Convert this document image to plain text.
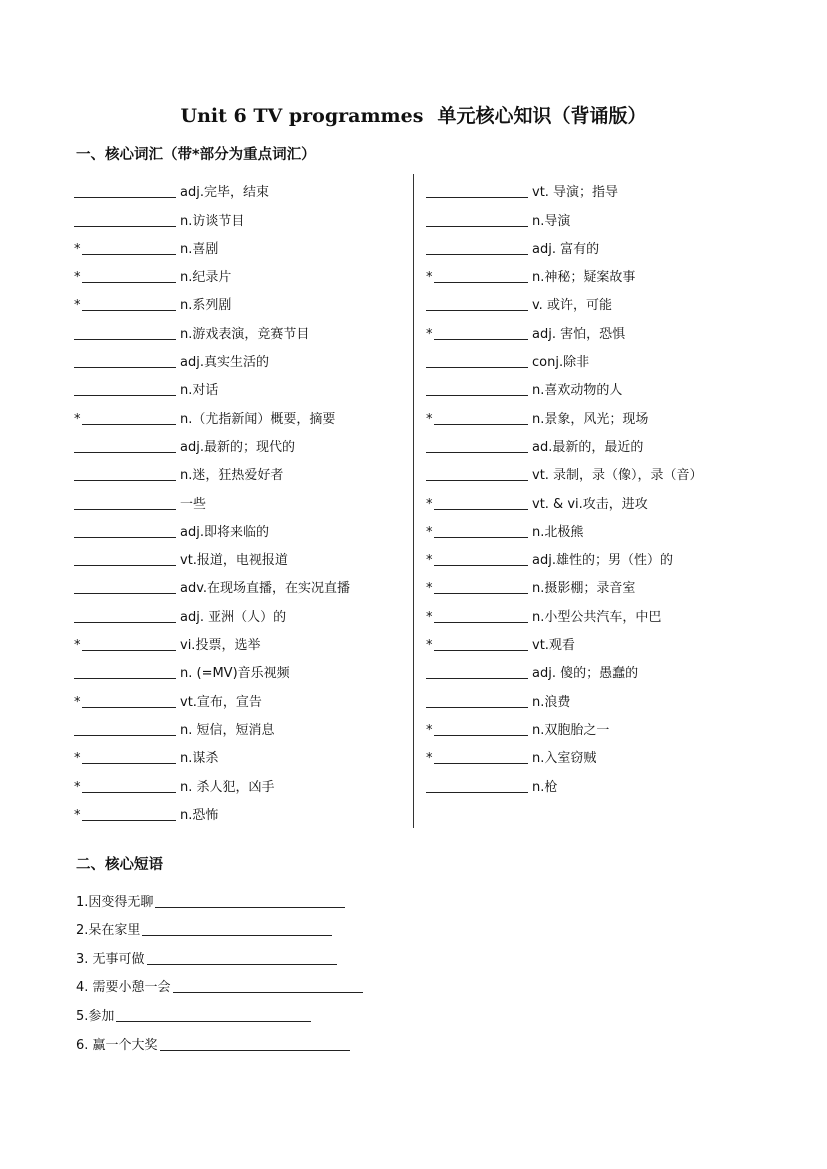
Unit 6 TV programmes 单元核心知识（背诵版）
一、核心词汇（带*部分为重点词汇）
adj.完毕，结束
n.访谈节目
*	n.喜剧
*	n.纪录片
*	n.系列剧
n.游戏表演，竞赛节目
adj.真实生活的
n.对话
*	n.（尤指新闻）概要，摘要
adj.最新的；现代的
n.迷，狂热爱好者
一些
adj.即将来临的
vt.报道，电视报道
adv.在现场直播，在实况直播
adj. 亚洲（人）的
*	vi.投票，选举
n. (=MV)音乐视频
*	vt.宣布，宣告
n. 短信，短消息
*	n.谋杀
*	n. 杀人犯，凶手
*	n.恐怖
vt. 导演；指导
n.导演
adj. 富有的
*	n.神秘；疑案故事
v. 或许，可能
*	adj. 害怕，恐惧
conj.除非
n.喜欢动物的人
*	n.景象，风光；现场
ad.最新的，最近的
vt. 录制，录（像），录（音）
*	vt. & vi.攻击，进攻
*	n.北极熊
*	adj.雄性的；男（性）的
*	n.摄影棚；录音室
*	n.小型公共汽车，中巴
*	vt.观看
adj. 傻的；愚蠢的
n.浪费
*	n.双胞胎之一
*	n.入室窃贼
n.枪
二、核心短语
1.因变得无聊
2.呆在家里
3. 无事可做
4. 需要小憩一会
5.参加
6. 赢一个大奖
